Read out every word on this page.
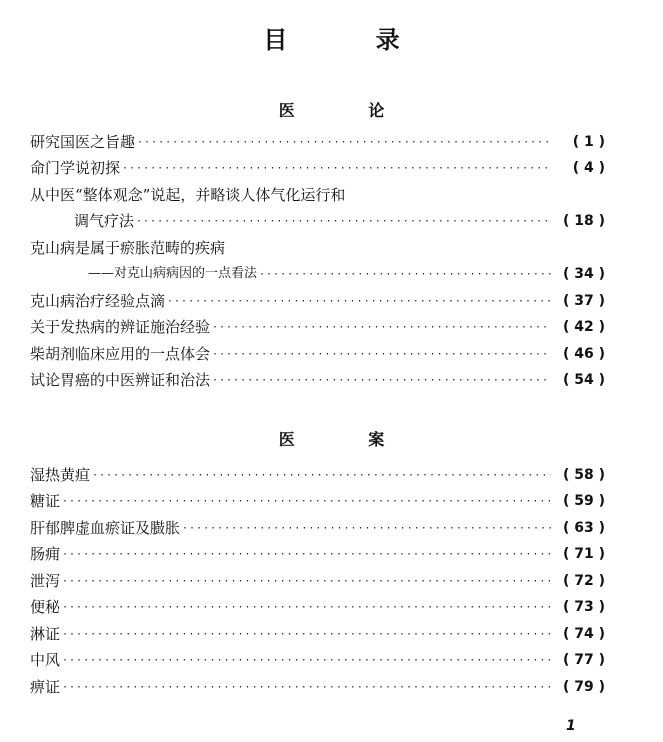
目 录
医 论
研究国医之旨趣 ·····	( 1 )
命门学说初探 ·····	( 4 )
从中医“整体观念”说起，并略谈人体气化运行和
调气疗法 ·····	( 18 )
克山病是属于瘀胀范畴的疾病
——对克山病病因的一点看法 ·····	( 34 )
克山病治疗经验点滴 ·····	( 37 )
关于发热病的辨证施治经验 ·····	( 42 )
柴胡剂临床应用的一点体会 ·····	( 46 )
试论胃癌的中医辨证和治法 ·····	( 54 )
医 案
湿热黄疸 ·····	( 58 )
糖证 ·····	( 59 )
肝郁脾虚血瘀证及臌胀 ·····	( 63 )
肠痈 ·····	( 71 )
泄泻 ·····	( 72 )
便秘 ·····	( 73 )
淋证 ·····	( 74 )
中风 ·····	( 77 )
痹证 ·····	( 79 )
1
